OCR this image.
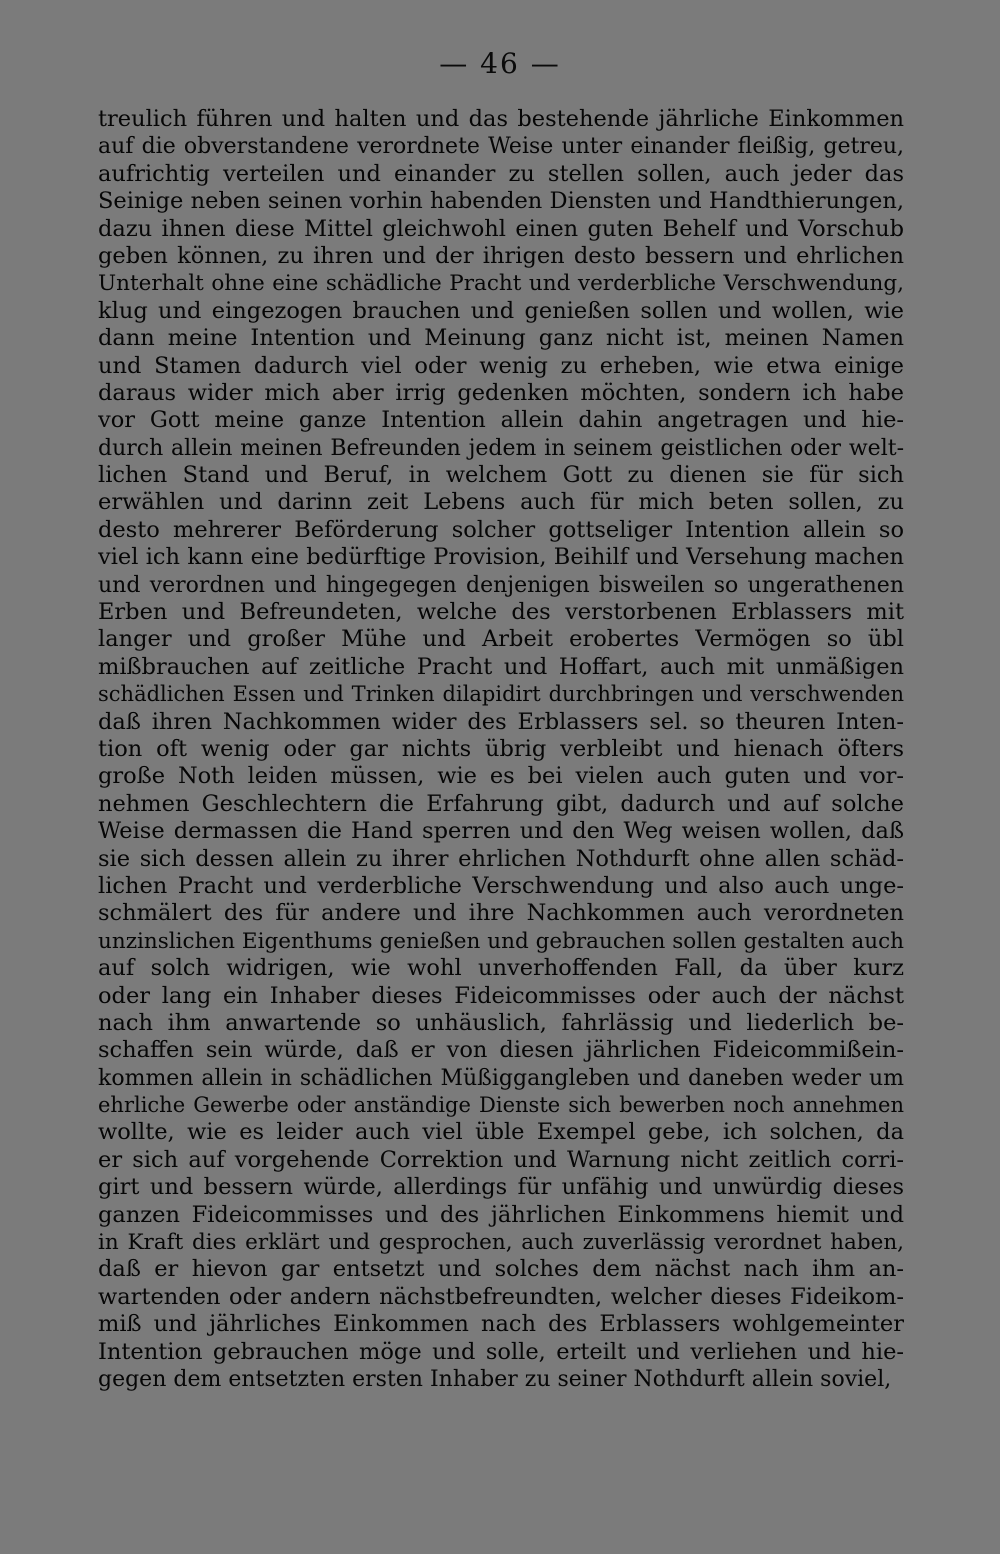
— 46 —
treulich führen und halten und das bestehende jährliche Einkommen
auf die obverstandene verordnete Weise unter einander fleißig, getreu,
aufrichtig verteilen und einander zu stellen sollen, auch jeder das
Seinige neben seinen vorhin habenden Diensten und Handthierungen,
dazu ihnen diese Mittel gleichwohl einen guten Behelf und Vorschub
geben können, zu ihren und der ihrigen desto bessern und ehrlichen
Unterhalt ohne eine schädliche Pracht und verderbliche Verschwendung,
klug und eingezogen brauchen und genießen sollen und wollen, wie
dann meine Intention und Meinung ganz nicht ist, meinen Namen
und Stamen dadurch viel oder wenig zu erheben, wie etwa einige
daraus wider mich aber irrig gedenken möchten, sondern ich habe
vor Gott meine ganze Intention allein dahin angetragen und hie-
durch allein meinen Befreunden jedem in seinem geistlichen oder welt-
lichen Stand und Beruf, in welchem Gott zu dienen sie für sich
erwählen und darinn zeit Lebens auch für mich beten sollen, zu
desto mehrerer Beförderung solcher gottseliger Intention allein so
viel ich kann eine bedürftige Provision, Beihilf und Versehung machen
und verordnen und hingegegen denjenigen bisweilen so ungerathenen
Erben und Befreundeten, welche des verstorbenen Erblassers mit
langer und großer Mühe und Arbeit erobertes Vermögen so übl
mißbrauchen auf zeitliche Pracht und Hoffart, auch mit unmäßigen
schädlichen Essen und Trinken dilapidirt durchbringen und verschwenden
daß ihren Nachkommen wider des Erblassers sel. so theuren Inten-
tion oft wenig oder gar nichts übrig verbleibt und hienach öfters
große Noth leiden müssen, wie es bei vielen auch guten und vor-
nehmen Geschlechtern die Erfahrung gibt, dadurch und auf solche
Weise dermassen die Hand sperren und den Weg weisen wollen, daß
sie sich dessen allein zu ihrer ehrlichen Nothdurft ohne allen schäd-
lichen Pracht und verderbliche Verschwendung und also auch unge-
schmälert des für andere und ihre Nachkommen auch verordneten
unzinslichen Eigenthums genießen und gebrauchen sollen gestalten auch
auf solch widrigen, wie wohl unverhoffenden Fall, da über kurz
oder lang ein Inhaber dieses Fideicommisses oder auch der nächst
nach ihm anwartende so unhäuslich, fahrlässig und liederlich be-
schaffen sein würde, daß er von diesen jährlichen Fideicommißein-
kommen allein in schädlichen Müßiggangleben und daneben weder um
ehrliche Gewerbe oder anständige Dienste sich bewerben noch annehmen
wollte, wie es leider auch viel üble Exempel gebe, ich solchen, da
er sich auf vorgehende Correktion und Warnung nicht zeitlich corri-
girt und bessern würde, allerdings für unfähig und unwürdig dieses
ganzen Fideicommisses und des jährlichen Einkommens hiemit und
in Kraft dies erklärt und gesprochen, auch zuverlässig verordnet haben,
daß er hievon gar entsetzt und solches dem nächst nach ihm an-
wartenden oder andern nächstbefreundten, welcher dieses Fideikom-
miß und jährliches Einkommen nach des Erblassers wohlgemeinter
Intention gebrauchen möge und solle, erteilt und verliehen und hie-
gegen dem entsetzten ersten Inhaber zu seiner Nothdurft allein soviel,
